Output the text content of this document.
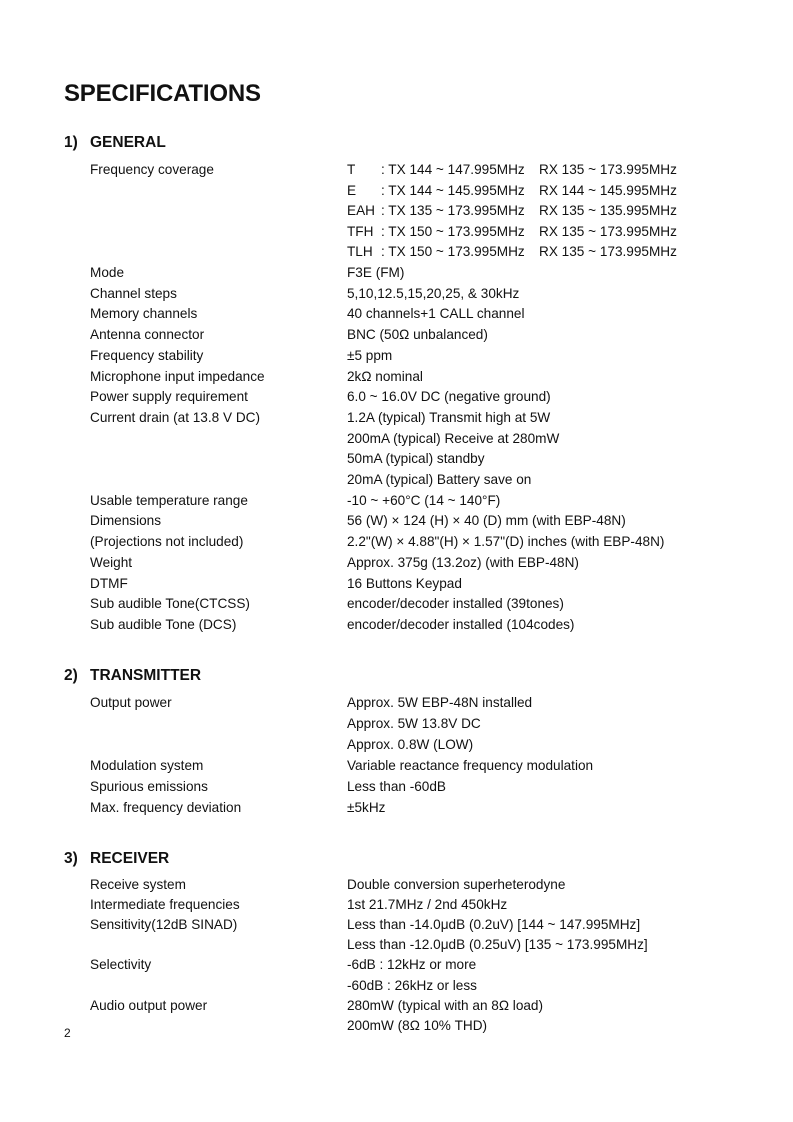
SPECIFICATIONS
1) GENERAL
Frequency coverage	T : TX 144 ~ 147.995MHz RX 135 ~ 173.995MHz
E : TX 144 ~ 145.995MHz RX 144 ~ 145.995MHz
EAH : TX 135 ~ 173.995MHz RX 135 ~ 135.995MHz
TFH : TX 150 ~ 173.995MHz RX 135 ~ 173.995MHz
TLH : TX 150 ~ 173.995MHz RX 135 ~ 173.995MHz
Mode	F3E (FM)
Channel steps	5,10,12.5,15,20,25, & 30kHz
Memory channels	40 channels+1 CALL channel
Antenna connector	BNC (50Ω unbalanced)
Frequency stability	±5 ppm
Microphone input impedance	2kΩ nominal
Power supply requirement	6.0 ~ 16.0V DC (negative ground)
Current drain (at 13.8 V DC)	1.2A (typical) Transmit high at 5W
200mA (typical) Receive at 280mW
50mA (typical) standby
20mA (typical) Battery save on
Usable temperature range	-10 ~ +60°C (14 ~ 140°F)
Dimensions	56 (W) × 124 (H) × 40 (D) mm (with EBP-48N)
(Projections not included)	2.2"(W) × 4.88"(H) × 1.57"(D) inches (with EBP-48N)
Weight	Approx. 375g (13.2oz) (with EBP-48N)
DTMF	16 Buttons Keypad
Sub audible Tone(CTCSS)	encoder/decoder installed (39tones)
Sub audible Tone (DCS)	encoder/decoder installed (104codes)
2) TRANSMITTER
Output power	Approx. 5W EBP-48N installed
Approx. 5W 13.8V DC
Approx. 0.8W (LOW)
Modulation system	Variable reactance frequency modulation
Spurious emissions	Less than -60dB
Max. frequency deviation	±5kHz
3) RECEIVER
Receive system	Double conversion superheterodyne
Intermediate frequencies	1st 21.7MHz / 2nd 450kHz
Sensitivity(12dB SINAD)	Less than -14.0μdB (0.2uV) [144 ~ 147.995MHz]
Less than -12.0μdB (0.25uV) [135 ~ 173.995MHz]
Selectivity	-6dB : 12kHz or more
-60dB : 26kHz or less
Audio output power	280mW (typical with an 8Ω load)
200mW (8Ω 10% THD)
2
